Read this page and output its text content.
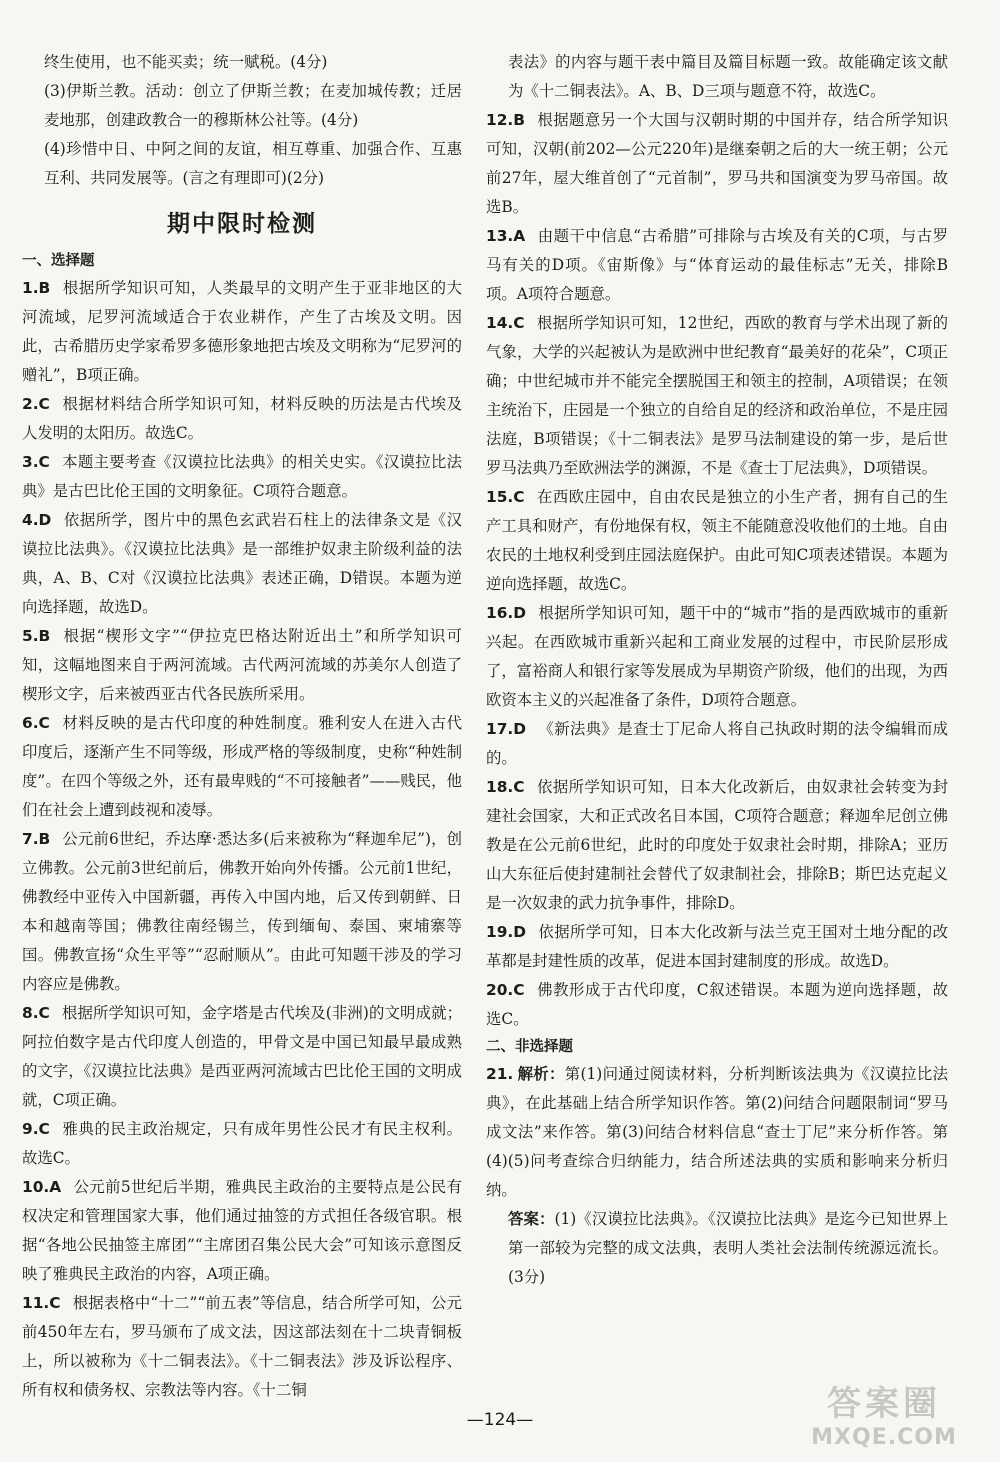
终生使用，也不能买卖；统一赋税。(4分)

(3)伊斯兰教。活动：创立了伊斯兰教；在麦加城传教；迁居麦地那，创建政教合一的穆斯林公社等。(4分)

(4)珍惜中日、中阿之间的友谊，相互尊重、加强合作、互惠互利、共同发展等。(言之有理即可)(2分)

期中限时检测

一、选择题

1.B 根据所学知识可知，人类最早的文明产生于亚非地区的大河流域，尼罗河流域适合于农业耕作，产生了古埃及文明。因此，古希腊历史学家希罗多德形象地把古埃及文明称为“尼罗河的赠礼”，B项正确。

2.C 根据材料结合所学知识可知，材料反映的历法是古代埃及人发明的太阳历。故选C。

3.C 本题主要考查《汉谟拉比法典》的相关史实。《汉谟拉比法典》是古巴比伦王国的文明象征。C项符合题意。

4.D 依据所学，图片中的黑色玄武岩石柱上的法律条文是《汉谟拉比法典》。《汉谟拉比法典》是一部维护奴隶主阶级利益的法典，A、B、C对《汉谟拉比法典》表述正确，D错误。本题为逆向选择题，故选D。

5.B 根据“楔形文字”“伊拉克巴格达附近出土”和所学知识可知，这幅地图来自于两河流域。古代两河流域的苏美尔人创造了楔形文字，后来被西亚古代各民族所采用。

6.C 材料反映的是古代印度的种姓制度。雅利安人在进入古代印度后，逐渐产生不同等级，形成严格的等级制度，史称“种姓制度”。在四个等级之外，还有最卑贱的“不可接触者”——贱民，他们在社会上遭到歧视和凌辱。

7.B 公元前6世纪，乔达摩·悉达多(后来被称为“释迦牟尼”)，创立佛教。公元前3世纪前后，佛教开始向外传播。公元前1世纪，佛教经中亚传入中国新疆，再传入中国内地，后又传到朝鲜、日本和越南等国；佛教往南经锡兰，传到缅甸、泰国、柬埔寨等国。佛教宣扬“众生平等”“忍耐顺从”。由此可知题干涉及的学习内容应是佛教。

8.C 根据所学知识可知，金字塔是古代埃及(非洲)的文明成就；阿拉伯数字是古代印度人创造的，甲骨文是中国已知最早最成熟的文字，《汉谟拉比法典》是西亚两河流域古巴比伦王国的文明成就，C项正确。

9.C 雅典的民主政治规定，只有成年男性公民才有民主权利。故选C。

10.A 公元前5世纪后半期，雅典民主政治的主要特点是公民有权决定和管理国家大事，他们通过抽签的方式担任各级官职。根据“各地公民抽签主席团”“主席团召集公民大会”可知该示意图反映了雅典民主政治的内容，A项正确。

11.C 根据表格中“十二”“前五表”等信息，结合所学可知，公元前450年左右，罗马颁布了成文法，因这部法刻在十二块青铜板上，所以被称为《十二铜表法》。《十二铜表法》涉及诉讼程序、所有权和债务权、宗教法等内容。《十二铜

表法》的内容与题干表中篇目及篇目标题一致。故能确定该文献为《十二铜表法》。A、B、D三项与题意不符，故选C。

12.B 根据题意另一个大国与汉朝时期的中国并存，结合所学知识可知，汉朝(前202—公元220年)是继秦朝之后的大一统王朝；公元前27年，屋大维首创了“元首制”，罗马共和国演变为罗马帝国。故选B。

13.A 由题干中信息“古希腊”可排除与古埃及有关的C项，与古罗马有关的D项。《宙斯像》与“体育运动的最佳标志”无关，排除B项。A项符合题意。

14.C 根据所学知识可知，12世纪，西欧的教育与学术出现了新的气象，大学的兴起被认为是欧洲中世纪教育“最美好的花朵”，C项正确；中世纪城市并不能完全摆脱国王和领主的控制，A项错误；在领主统治下，庄园是一个独立的自给自足的经济和政治单位，不是庄园法庭，B项错误；《十二铜表法》是罗马法制建设的第一步，是后世罗马法典乃至欧洲法学的渊源，不是《查士丁尼法典》，D项错误。

15.C 在西欧庄园中，自由农民是独立的小生产者，拥有自己的生产工具和财产，有份地保有权，领主不能随意没收他们的土地。自由农民的土地权利受到庄园法庭保护。由此可知C项表述错误。本题为逆向选择题，故选C。

16.D 根据所学知识可知，题干中的“城市”指的是西欧城市的重新兴起。在西欧城市重新兴起和工商业发展的过程中，市民阶层形成了，富裕商人和银行家等发展成为早期资产阶级，他们的出现，为西欧资本主义的兴起准备了条件，D项符合题意。

17.D 《新法典》是查士丁尼命人将自己执政时期的法令编辑而成的。

18.C 依据所学知识可知，日本大化改新后，由奴隶社会转变为封建社会国家，大和正式改名日本国，C项符合题意；释迦牟尼创立佛教是在公元前6世纪，此时的印度处于奴隶社会时期，排除A；亚历山大东征后使封建制社会替代了奴隶制社会，排除B；斯巴达克起义是一次奴隶的武力抗争事件，排除D。

19.D 依据所学可知，日本大化改新与法兰克王国对土地分配的改革都是封建性质的改革，促进本国封建制度的形成。故选D。

20.C 佛教形成于古代印度，C叙述错误。本题为逆向选择题，故选C。

二、非选择题

21. 解析：第(1)问通过阅读材料，分析判断该法典为《汉谟拉比法典》，在此基础上结合所学知识作答。第(2)问结合问题限制词“罗马成文法”来作答。第(3)问结合材料信息“查士丁尼”来分析作答。第(4)(5)问考查综合归纳能力，结合所述法典的实质和影响来分析归纳。

答案：(1)《汉谟拉比法典》。《汉谟拉比法典》是迄今已知世界上第一部较为完整的成文法典，表明人类社会法制传统源远流长。(3分)

—124—	答案圈
MXQE.COM
